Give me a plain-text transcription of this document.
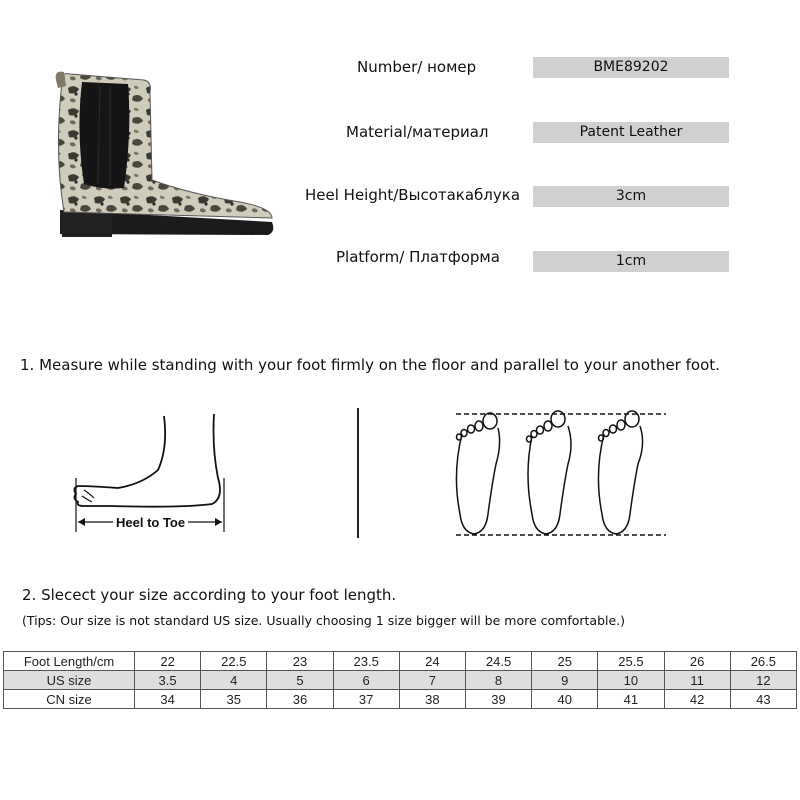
Number/ номер	BME89202
Material/материал	Patent Leather
Heel Height/Высотакаблука	3cm
Platform/ Платформа	1cm
1. Measure while standing with your foot firmly on the floor and parallel to your another foot.
Heel to Toe
2. Slecect your size according to your foot length.
(Tips: Our size is not standard US size. Usually choosing 1 size bigger will be more comfortable.)
Foot Length/cm	22	22.5	23	23.5	24	24.5	25	25.5	26	26.5
US size	3.5	4	5	6	7	8	9	10	11	12
CN size	34	35	36	37	38	39	40	41	42	43
